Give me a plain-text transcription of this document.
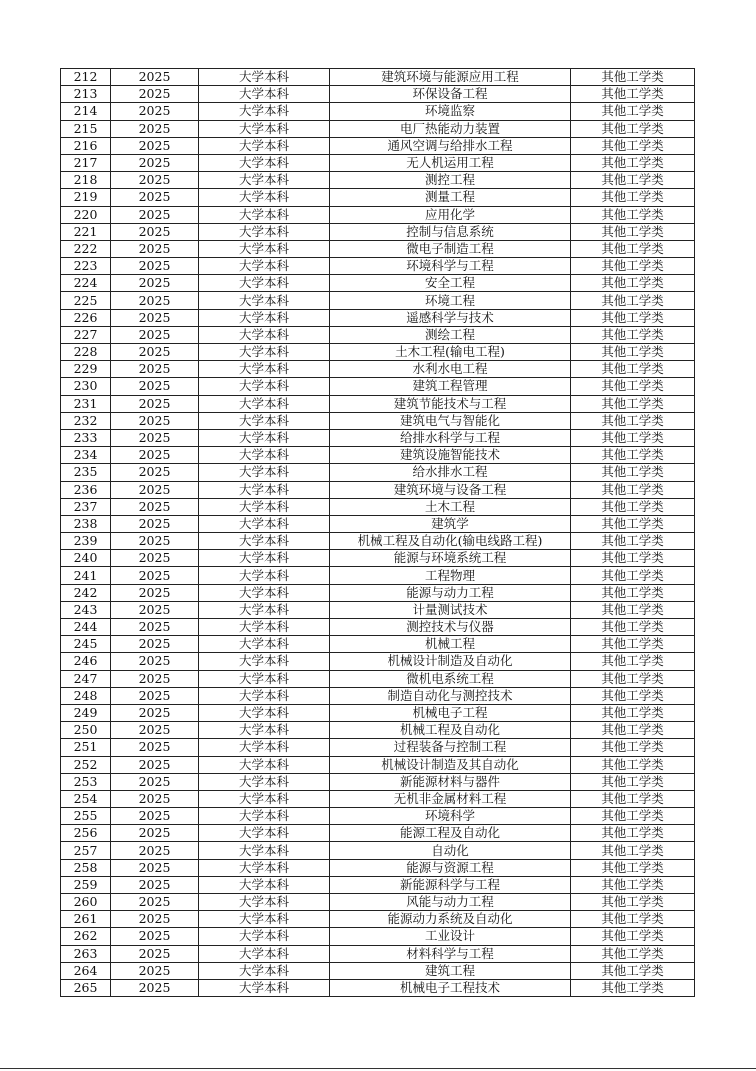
212	2025	大学本科	建筑环境与能源应用工程	其他工学类
213	2025	大学本科	环保设备工程	其他工学类
214	2025	大学本科	环境监察	其他工学类
215	2025	大学本科	电厂热能动力装置	其他工学类
216	2025	大学本科	通风空调与给排水工程	其他工学类
217	2025	大学本科	无人机运用工程	其他工学类
218	2025	大学本科	测控工程	其他工学类
219	2025	大学本科	测量工程	其他工学类
220	2025	大学本科	应用化学	其他工学类
221	2025	大学本科	控制与信息系统	其他工学类
222	2025	大学本科	微电子制造工程	其他工学类
223	2025	大学本科	环境科学与工程	其他工学类
224	2025	大学本科	安全工程	其他工学类
225	2025	大学本科	环境工程	其他工学类
226	2025	大学本科	遥感科学与技术	其他工学类
227	2025	大学本科	测绘工程	其他工学类
228	2025	大学本科	土木工程(输电工程)	其他工学类
229	2025	大学本科	水利水电工程	其他工学类
230	2025	大学本科	建筑工程管理	其他工学类
231	2025	大学本科	建筑节能技术与工程	其他工学类
232	2025	大学本科	建筑电气与智能化	其他工学类
233	2025	大学本科	给排水科学与工程	其他工学类
234	2025	大学本科	建筑设施智能技术	其他工学类
235	2025	大学本科	给水排水工程	其他工学类
236	2025	大学本科	建筑环境与设备工程	其他工学类
237	2025	大学本科	土木工程	其他工学类
238	2025	大学本科	建筑学	其他工学类
239	2025	大学本科	机械工程及自动化(输电线路工程)	其他工学类
240	2025	大学本科	能源与环境系统工程	其他工学类
241	2025	大学本科	工程物理	其他工学类
242	2025	大学本科	能源与动力工程	其他工学类
243	2025	大学本科	计量测试技术	其他工学类
244	2025	大学本科	测控技术与仪器	其他工学类
245	2025	大学本科	机械工程	其他工学类
246	2025	大学本科	机械设计制造及自动化	其他工学类
247	2025	大学本科	微机电系统工程	其他工学类
248	2025	大学本科	制造自动化与测控技术	其他工学类
249	2025	大学本科	机械电子工程	其他工学类
250	2025	大学本科	机械工程及自动化	其他工学类
251	2025	大学本科	过程装备与控制工程	其他工学类
252	2025	大学本科	机械设计制造及其自动化	其他工学类
253	2025	大学本科	新能源材料与器件	其他工学类
254	2025	大学本科	无机非金属材料工程	其他工学类
255	2025	大学本科	环境科学	其他工学类
256	2025	大学本科	能源工程及自动化	其他工学类
257	2025	大学本科	自动化	其他工学类
258	2025	大学本科	能源与资源工程	其他工学类
259	2025	大学本科	新能源科学与工程	其他工学类
260	2025	大学本科	风能与动力工程	其他工学类
261	2025	大学本科	能源动力系统及自动化	其他工学类
262	2025	大学本科	工业设计	其他工学类
263	2025	大学本科	材料科学与工程	其他工学类
264	2025	大学本科	建筑工程	其他工学类
265	2025	大学本科	机械电子工程技术	其他工学类
